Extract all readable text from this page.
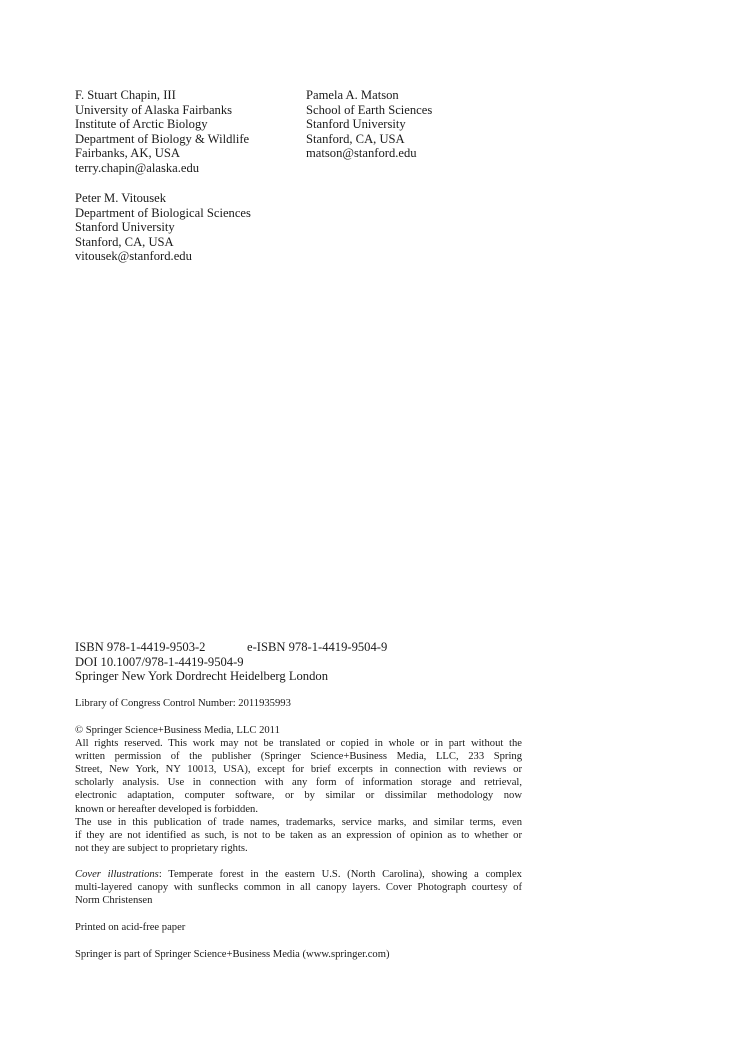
F. Stuart Chapin, III
University of Alaska Fairbanks
Institute of Arctic Biology
Department of Biology & Wildlife
Fairbanks, AK, USA
terry.chapin@alaska.edu
Pamela A. Matson
School of Earth Sciences
Stanford University
Stanford, CA, USA
matson@stanford.edu
Peter M. Vitousek
Department of Biological Sciences
Stanford University
Stanford, CA, USA
vitousek@stanford.edu
ISBN 978-1-4419-9503-2	e-ISBN 978-1-4419-9504-9
DOI 10.1007/978-1-4419-9504-9
Springer New York Dordrecht Heidelberg London

Library of Congress Control Number: 2011935993

© Springer Science+Business Media, LLC 2011

All rights reserved. This work may not be translated or copied in whole or in part without the

written permission of the publisher (Springer Science+Business Media, LLC, 233 Spring

Street, New York, NY 10013, USA), except for brief excerpts in connection with reviews or

scholarly analysis. Use in connection with any form of information storage and retrieval,

electronic adaptation, computer software, or by similar or dissimilar methodology now

known or hereafter developed is forbidden.

The use in this publication of trade names, trademarks, service marks, and similar terms, even

if they are not identified as such, is not to be taken as an expression of opinion as to whether or

not they are subject to proprietary rights.

Cover illustrations: Temperate forest in the eastern U.S. (North Carolina), showing a complex

multi-layered canopy with sunflecks common in all canopy layers. Cover Photograph courtesy of

Norm Christensen

Printed on acid-free paper

Springer is part of Springer Science+Business Media (www.springer.com)
